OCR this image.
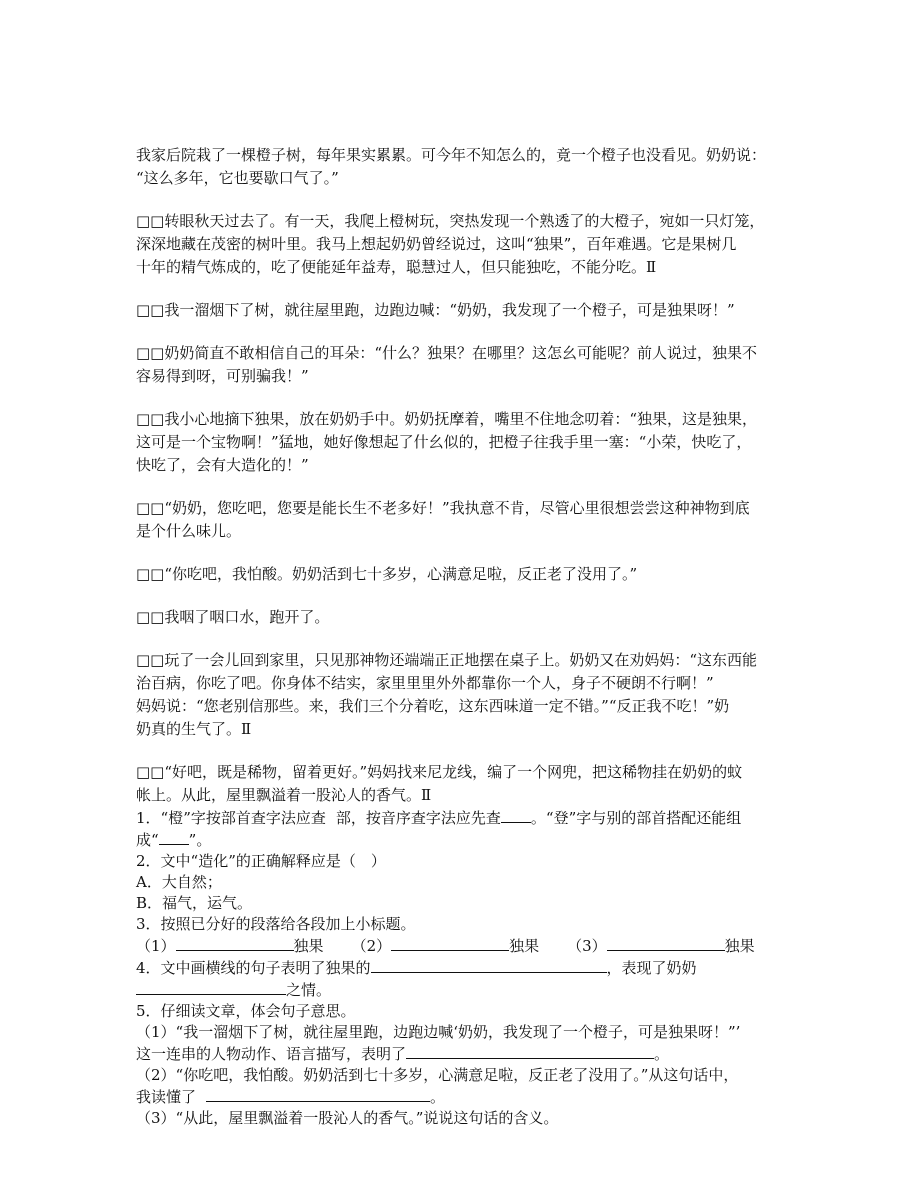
我家后院栽了一棵橙子树，每年果实累累。可今年不知怎么的，竟一个橙子也没看见。奶奶说：
“这么多年，它也要歇口气了。”
□□转眼秋天过去了。有一天，我爬上橙树玩，突热发现一个熟透了的大橙子，宛如一只灯笼，
深深地藏在茂密的树叶里。我马上想起奶奶曾经说过，这叫“独果”，百年难遇。它是果树几
十年的精气炼成的，吃了便能延年益寿，聪慧过人，但只能独吃，不能分吃。Ⅱ
□□我一溜烟下了树，就往屋里跑，边跑边喊：“奶奶，我发现了一个橙子，可是独果呀！”
□□奶奶简直不敢相信自己的耳朵：“什么？独果？在哪里？这怎幺可能呢？前人说过，独果不
容易得到呀，可别骗我！”
□□我小心地摘下独果，放在奶奶手中。奶奶抚摩着，嘴里不住地念叨着：“独果，这是独果，
这可是一个宝物啊！”猛地，她好像想起了什幺似的，把橙子往我手里一塞：“小荣，快吃了，
快吃了，会有大造化的！”
□□“奶奶，您吃吧，您要是能长生不老多好！”我执意不肯，尽管心里很想尝尝这种神物到底
是个什么味儿。
□□“你吃吧，我怕酸。奶奶活到七十多岁，心满意足啦，反正老了没用了。”
□□我咽了咽口水，跑开了。
□□玩了一会儿回到家里，只见那神物还端端正正地摆在桌子上。奶奶又在劝妈妈：“这东西能
治百病，你吃了吧。你身体不结实，家里里里外外都靠你一个人，身子不硬朗不行啊！”
妈妈说：“您老别信那些。来，我们三个分着吃，这东西味道一定不错。”“反正我不吃！”奶
奶真的生气了。Ⅱ
□□“好吧，既是稀物，留着更好。”妈妈找来尼龙线，编了一个网兜，把这稀物挂在奶奶的蚊
帐上。从此，屋里飘溢着一股沁人的香气。Ⅱ
1．“橙”字按部首查字法应查 部，按音序查字法应先查 。“登”字与别的部首搭配还能组
成“ ”。
2．文中“造化”的正确解释应是（　）
A．大自然；
B．福气，运气。
3．按照已分好的段落给各段加上小标题。
（1）	独果 （2）	独果 （3）	独果
4．文中画横线的句子表明了独果的	，表现了奶奶
之情。
5．仔细读文章，体会句子意思。
（1）“我一溜烟下了树，就往屋里跑，边跑边喊‘奶奶，我发现了一个橙子，可是独果呀！”’
这一连串的人物动作、语言描写，表明了	。
（2）“你吃吧，我怕酸。奶奶活到七十多岁，心满意足啦，反正老了没用了。”从这句话中，
我读懂了	。
（3）“从此，屋里飘溢着一股沁人的香气。”说说这句话的含义。
